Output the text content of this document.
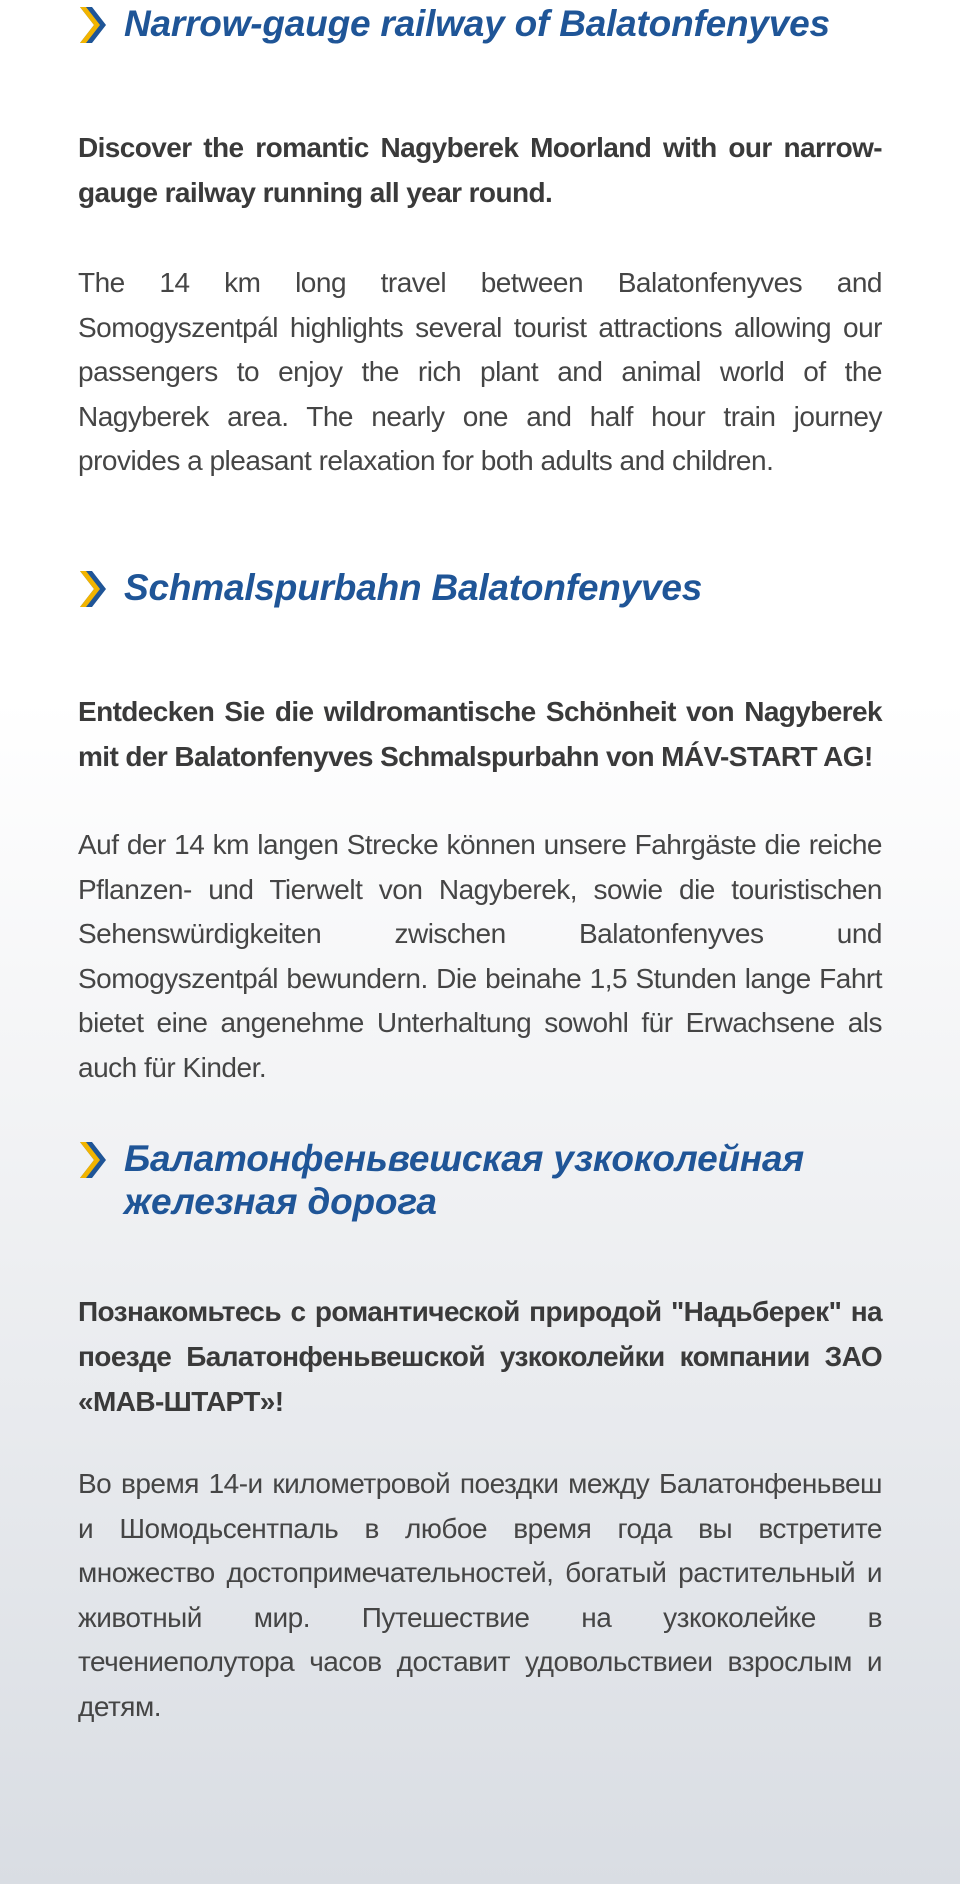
Narrow-gauge railway of Balatonfenyves

Discover the romantic Nagyberek Moorland with our narrow-gauge railway running all year round.

The 14 km long travel between Balatonfenyves and Somogyszentpál highlights several tourist attractions allowing our passengers to enjoy the rich plant and animal world of the Nagyberek area. The nearly one and half hour train journey provides a pleasant relaxation for both adults and children.

Schmalspurbahn Balatonfenyves

Entdecken Sie die wildromantische Schönheit von Nagyberek mit der Balatonfenyves Schmalspurbahn von MÁV-START AG!

Auf der 14 km langen Strecke können unsere Fahrgäste die reiche Pflanzen- und Tierwelt von Nagyberek, sowie die touristischen Sehenswürdigkeiten zwischen Balatonfenyves und Somogyszentpál bewundern. Die beinahe 1,5 Stunden lange Fahrt bietet eine angenehme Unterhaltung sowohl für Erwachsene als auch für Kinder.

Балатонфеньвешская узкоколейная
железная дорога

Познакомьтесь с романтической природой "Надьберек" на поезде Балатонфеньвешской узкоколейки компании ЗАО «МАВ-ШТАРТ»!

Во время 14-и километровой поездки между Балатонфеньвеш и Шомодьсентпаль в любое время года вы встретите множество достопримечательностей, богатый растительный и животный мир. Путешествие на узкоколейке в течениеполутора часов доставит удовольствиеи взрослым и детям.
